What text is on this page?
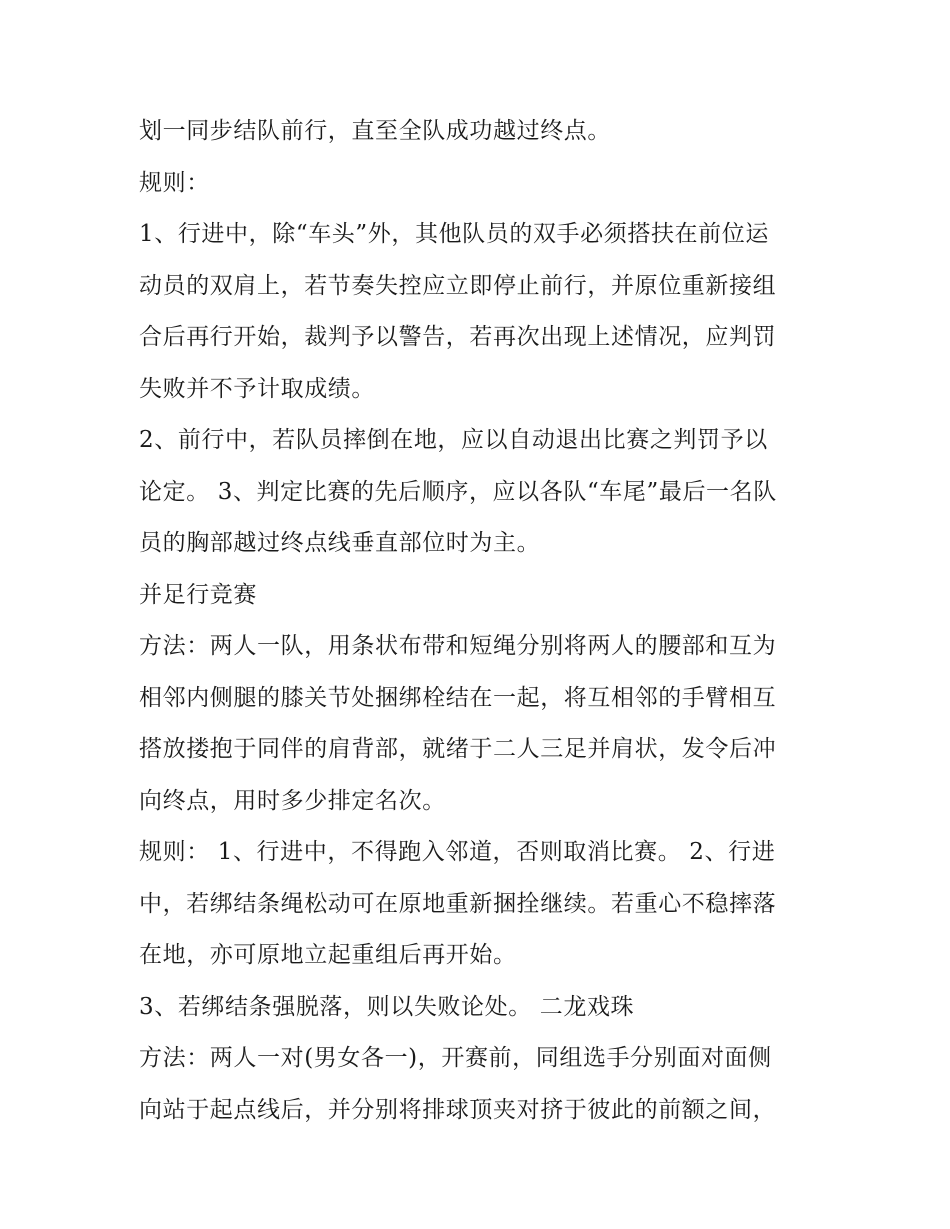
划一同步结队前行，直至全队成功越过终点。
规则：
1、行进中，除“车头”外，其他队员的双手必须搭扶在前位运
动员的双肩上，若节奏失控应立即停止前行，并原位重新接组
合后再行开始，裁判予以警告，若再次出现上述情况，应判罚
失败并不予计取成绩。
2、前行中，若队员摔倒在地，应以自动退出比赛之判罚予以
论定。 3、判定比赛的先后顺序，应以各队“车尾”最后一名队
员的胸部越过终点线垂直部位时为主。
并足行竞赛
方法：两人一队，用条状布带和短绳分别将两人的腰部和互为
相邻内侧腿的膝关节处捆绑栓结在一起，将互相邻的手臂相互
搭放搂抱于同伴的肩背部，就绪于二人三足并肩状，发令后冲
向终点，用时多少排定名次。
规则： 1、行进中，不得跑入邻道，否则取消比赛。 2、行进
中，若绑结条绳松动可在原地重新捆拴继续。若重心不稳摔落
在地，亦可原地立起重组后再开始。
3、若绑结条强脱落，则以失败论处。 二龙戏珠
方法：两人一对(男女各一)，开赛前，同组选手分别面对面侧
向站于起点线后，并分别将排球顶夹对挤于彼此的前额之间，
